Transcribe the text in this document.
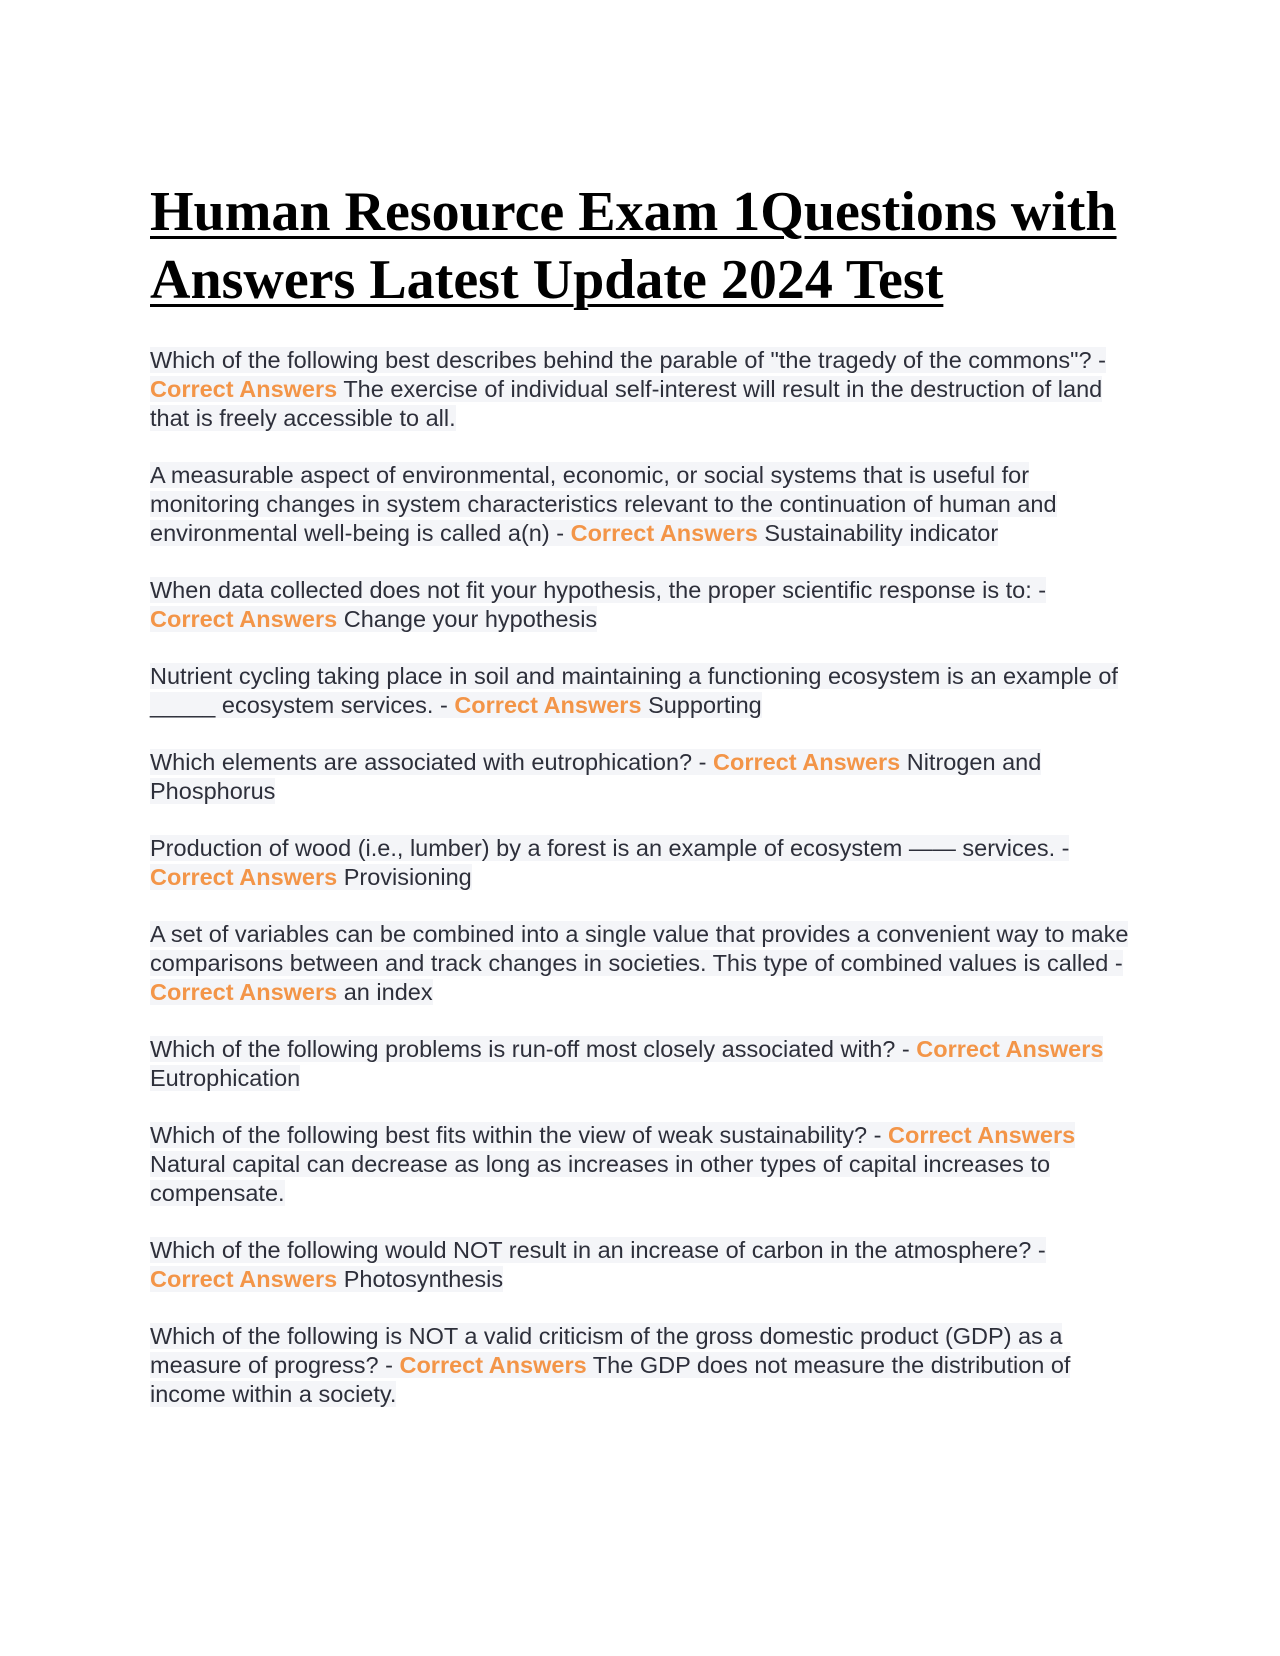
Human Resource Exam 1Questions with Answers Latest Update 2024 Test

Which of the following best describes behind the parable of "the tragedy of the commons"? - Correct Answers The exercise of individual self-interest will result in the destruction of land that is freely accessible to all.

A measurable aspect of environmental, economic, or social systems that is useful for monitoring changes in system characteristics relevant to the continuation of human and environmental well-being is called a(n) - Correct Answers Sustainability indicator

When data collected does not fit your hypothesis, the proper scientific response is to: - Correct Answers Change your hypothesis

Nutrient cycling taking place in soil and maintaining a functioning ecosystem is an example of _____ ecosystem services. - Correct Answers Supporting

Which elements are associated with eutrophication? - Correct Answers Nitrogen and Phosphorus

Production of wood (i.e., lumber) by a forest is an example of ecosystem —— services. - Correct Answers Provisioning

A set of variables can be combined into a single value that provides a convenient way to make comparisons between and track changes in societies. This type of combined values is called - Correct Answers an index

Which of the following problems is run-off most closely associated with? - Correct Answers Eutrophication

Which of the following best fits within the view of weak sustainability? - Correct Answers Natural capital can decrease as long as increases in other types of capital increases to compensate.

Which of the following would NOT result in an increase of carbon in the atmosphere? - Correct Answers Photosynthesis

Which of the following is NOT a valid criticism of the gross domestic product (GDP) as a measure of progress? - Correct Answers The GDP does not measure the distribution of income within a society.
